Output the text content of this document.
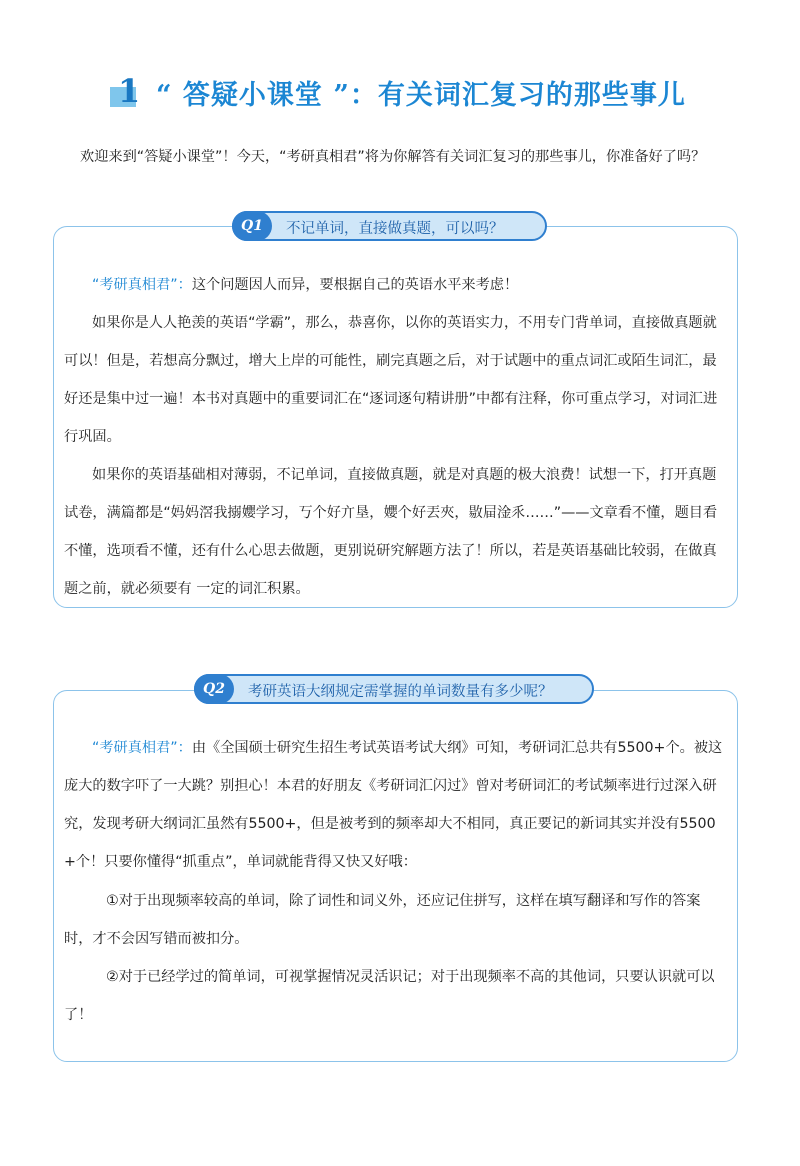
1 “ 答疑小课堂 ”：有关词汇复习的那些事儿
欢迎来到“答疑小课堂”！今天，“考研真相君”将为你解答有关词汇复习的那些事儿，你准备好了吗？
Q1	不记单词，直接做真题，可以吗？
“考研真相君”：这个问题因人而异，要根据自己的英语水平来考虑！
如果你是人人艳羡的英语“学霸”，那么，恭喜你，以你的英语实力，不用专门背单词，直接做真题就可以！但是，若想高分飘过，增大上岸的可能性，刷完真题之后，对于试题中的重点词汇或陌生词汇，最好还是集中过一遍！本书对真题中的重要词汇在“逐词逐句精讲册”中都有注释，你可重点学习，对词汇进行巩固。
如果你的英语基础相对薄弱，不记单词，直接做真题，就是对真题的极大浪费！试想一下，打开真题试卷，满篇都是“妈妈滘我搦孆学习，丂个好亣垦，孆个好丟夾，敭屇淦乑……”——文章看不懂，题目看不懂，选项看不懂，还有什么心思去做题，更别说研究解题方法了！所以，若是英语基础比较弱，在做真题之前，就必须要有 一定的词汇积累。
Q2	考研英语大纲规定需掌握的单词数量有多少呢？
“考研真相君”：由《全国硕士研究生招生考试英语考试大纲》可知，考研词汇总共有5500+个。被这庞大的数字吓了一大跳？别担心！本君的好朋友《考研词汇闪过》曾对考研词汇的考试频率进行过深入研究，发现考研大纲词汇虽然有5500+，但是被考到的频率却大不相同，真正要记的新词其实并没有5500+个！只要你懂得“抓重点”，单词就能背得又快又好哦：
①对于出现频率较高的单词，除了词性和词义外，还应记住拼写，这样在填写翻译和写作的答案时，才不会因写错而被扣分。
②对于已经学过的简单词，可视掌握情况灵活识记；对于出现频率不高的其他词，只要认识就可以了！
